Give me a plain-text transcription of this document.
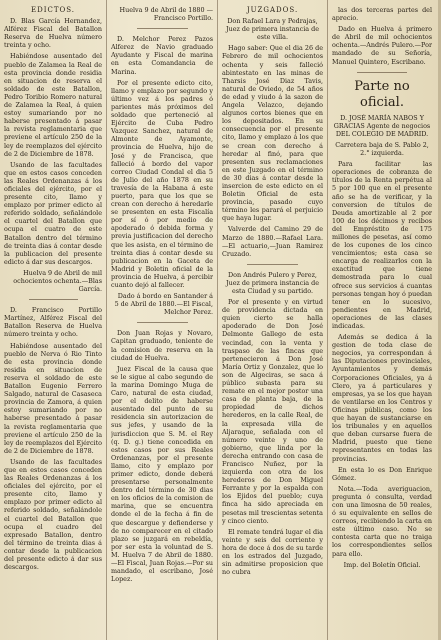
EDICTOS.

D. Blas García Hernandez, Alférez Fiscal del Batallon Reserva de Huelva número treinta y ocho.

Habiéndose ausentado del pueblo de Zalamea la Real de esta provincia donde residia en situacion de reserva el soldado de este Batallon, Pedro Toribio Romero natural de Zalamea la Real, á quien estoy sumariando por no haberse presentado á pasar la revista reglamentaria que previene el artículo 250 de la ley de reemplazos del ejército de 2 de Diciembre de 1878.

Usando de las facultades que en estos casos conceden las Reales Ordenanzas á los oficiales del ejército, por el presente cito, llamo y emplazo por primer edicto al referido soldado, señalándole el cuartel del Batallon que ocupa el cuatro de este Batallon dentro del término de treinta dias á contar desde la publicacion del presente edicto á dar sus descargos.

Huelva 9 de Abril de mil ochocientos ochenta.—Blas García.

D. Francisco Portillo Martínez, Alférez Fiscal del Batallon Reserva de Huelva número treinta y ocho.

Habiéndose ausentado del pueblo de Nerva ó Rio Tinto de esta provincia donde residia en situacion de reserva el soldado de este Batallon Eugenio Ferrero Salgado, natural de Casaseca provincia de Zamora, á quien estoy sumariando por no haberse presentado á pasar la revista reglamentaria que previene el artículo 250 de la ley de reemplazos del Ejército de 2 de Diciembre de 1878.

Usando de las facultades que en estos casos conceden las Reales Ordenanzas á los oficiales del ejército, por el presente cito, llamo y emplazo por primer edicto al referido soldado, señalándole el cuartel del Batallon que ocupa el cuadro del expresado Batallon, dentro del término de treinta dias á contar desde la publicacion del presente edicto á dar sus descargos.

Huelva 9 de Abril de 1880 —Francisco Portillo.

D. Melchor Perez Pazos Alferez de Navio graduado Ayudante y Fiscal de marina en esta Comandancia de Marina.

Por el presente edicto cito, llamo y emplazo por segundo y último vez á los padres ó parientes más próximos del soldado que perteneció al Ejército de Cuba Pedro Vazquez Sanchez, natural de Almonte de Ayamonte, provincia de Huelva, hijo de José y de Francisca, que falleció á bordo del vapor correo Ciudad Condal el dia 5 de Julio del año 1878 en su travesía de la Habana á este puerto, para que los que se crean con derecho á heredarle se presenten en esta Fiscalía por sí ó por medio de apoderado ó debida forma y previa justificacion del derecho que les asista, en el término de treinta dias á contar desde su publicacion en la Gaceta de Madrid y Boletin oficial de la provincia de Huelva, á percibir cuanto dejó al fallecer.

Dado á bordo en Santander á 5 de Abril de 1880.—El Fiscal, Melchor Perez.

Don Juan Rojas y Novaro, Capitan graduado, teniente de la comision de reserva en la ciudad de Huelva.

Juez Fiscal de la causa que se le sigue al cabo segundo de la marina Domingo Muga de Caro, natural de esta ciudad, por el delito de haberse ausentado del punto de su residencia sin autorizacion de sus jefes, y usando de la jurisdiccion que S. M. el Rey (q. D. g.) tiene concedida en estos casos por sus Reales Ordenanzas, por el presente llamo, cito y emplazo por primer edicto, donde deberá presentarse personalmente dentro del término de 30 dias en los oficios de la comision de marina, que se encuentra donde el de la fecha á fin de que descargue y defienderse y de no comparecer en el citado plazo se juzgará en rebeldía, por ser esta la voluntad de S. M. Huelva 7 de Abril de 1880.—El Fiscal, Juan Rojas.—Por su mandado, el escribano, José Lopez.

JUZGADOS.

Don Rafael Lara y Pedrajas, Juez de primera instancia de este villa.

Hago saber: Que el dia 26 de Febrero de mil ochocientos ochenta y seis falleció abintestato en las minas de Tharsis José Diaz Tavis, natural de Oviedo, de 54 años de edad y viudo á la sazon de Angela Velazco, dejando algunos cortos bienes que en los depositados. En su consecuencia por el presente cito, llamo y emplazo á los que se crean con derecho á heredar al finó, para que presenten sus reclamaciones en este Juzgado en el término de 30 dias á contar desde la insercion de este edicto en el Boletin Oficial de esta provincia, pasado cuyo término les parará el perjuicio que haya lugar.

Valverde del Camino 29 de Marzo de 1880.—Rafael Lara.—El actuario,—Juan Ramirez Cruzado.

Don Andrés Pulero y Perez, Juez de primera instancia de esta Ciudad y su partido.

Por el presente y en virtud de providencia dictada en quien cierto se halla apoderado de Don José Delmonte Gallego de esta vecindad, con la venta y traspaso de las fincas que pertenecieron á Don José María Ortiz y Gonzalez, que lo son de Algeciras, se saca á público subasta para su remate en el mejor postor una casa de planta baja, de la propiedad de dichos herederos, en la calle Real, de la expresada villa de Aljaraque, señalada con el número veinte y uno de gobierno, que linda por la derecha entrando con casa de Francisco Nuñez, por la izquierda con otra de los herederos de Don Miguel Ferrante y por la espalda con los Ejidos del pueblo; cuya finca ha sido apreciada en pesetas mil trescientas setenta y cinco ciento.

El remate tendrá lugar el dia veinte y seis del corriente y hora de doce á dos de su tarde en los estrados del Juzgado, sin admitirse proposicion que no cubra

las dos terceras partes del aprecio.

Dado en Huelva á primero de Abril de mil ochocientos ochenta.—Andrés Pulero.—Por mandado de su Señoría, Manuel Quintero, Escribano.

Parte no oficial.

D. JOSÉ MARÍA NABOS Y GRACIAS Agente de negocios DEL COLEGIO DE MADRID.

Carretera baja de S. Pablo 2, 2.° izquierda.

Para facilitar las operaciones de cobranza de títulos de la Renta perpétua al 5 por 100 que en el presente año se ha de verificar, y la conversion de títulos de Deuda amortizable al 2 por 100 de los décimos y recibos del Empréstito de 175 millones de pesetas, así como de los cupones de los cinco vencimientos; esta casa se encarga de realizarlos con la exactitud que tiene demostrada para lo cual ofrece sus servicios á cuantas personas tengan hoy ó puedan tener en lo sucesivo, pendientes en Madrid, operaciones de las clases indicadas.

Además se dedica á la gestion de toda clase de negocios, ya correspondan á las Diputaciones provinciales, Ayuntamientos y demás Corporaciones Oficiales, ya á Clero, ya á particulares y empresas, ya se los que hayan de ventilarse en los Centros y Oficinas públicas, como los que hayan de sustanciarse en los tribunales y en aquellos que deban cursarse fuera de Madrid, puesto que tiene representantes en todas las provincias.

En esta lo es Don Enrique Gómez.

Nota.—Toda averiguacion, pregunta ó consulta, verdad con una limosna de 50 reales, ó su equivalente en sellos de correos, recibiendo la carta en este último caso. No se contesta carta que no traiga los correspondientes sellos para ello.

Imp. del Boletín Oficial.
